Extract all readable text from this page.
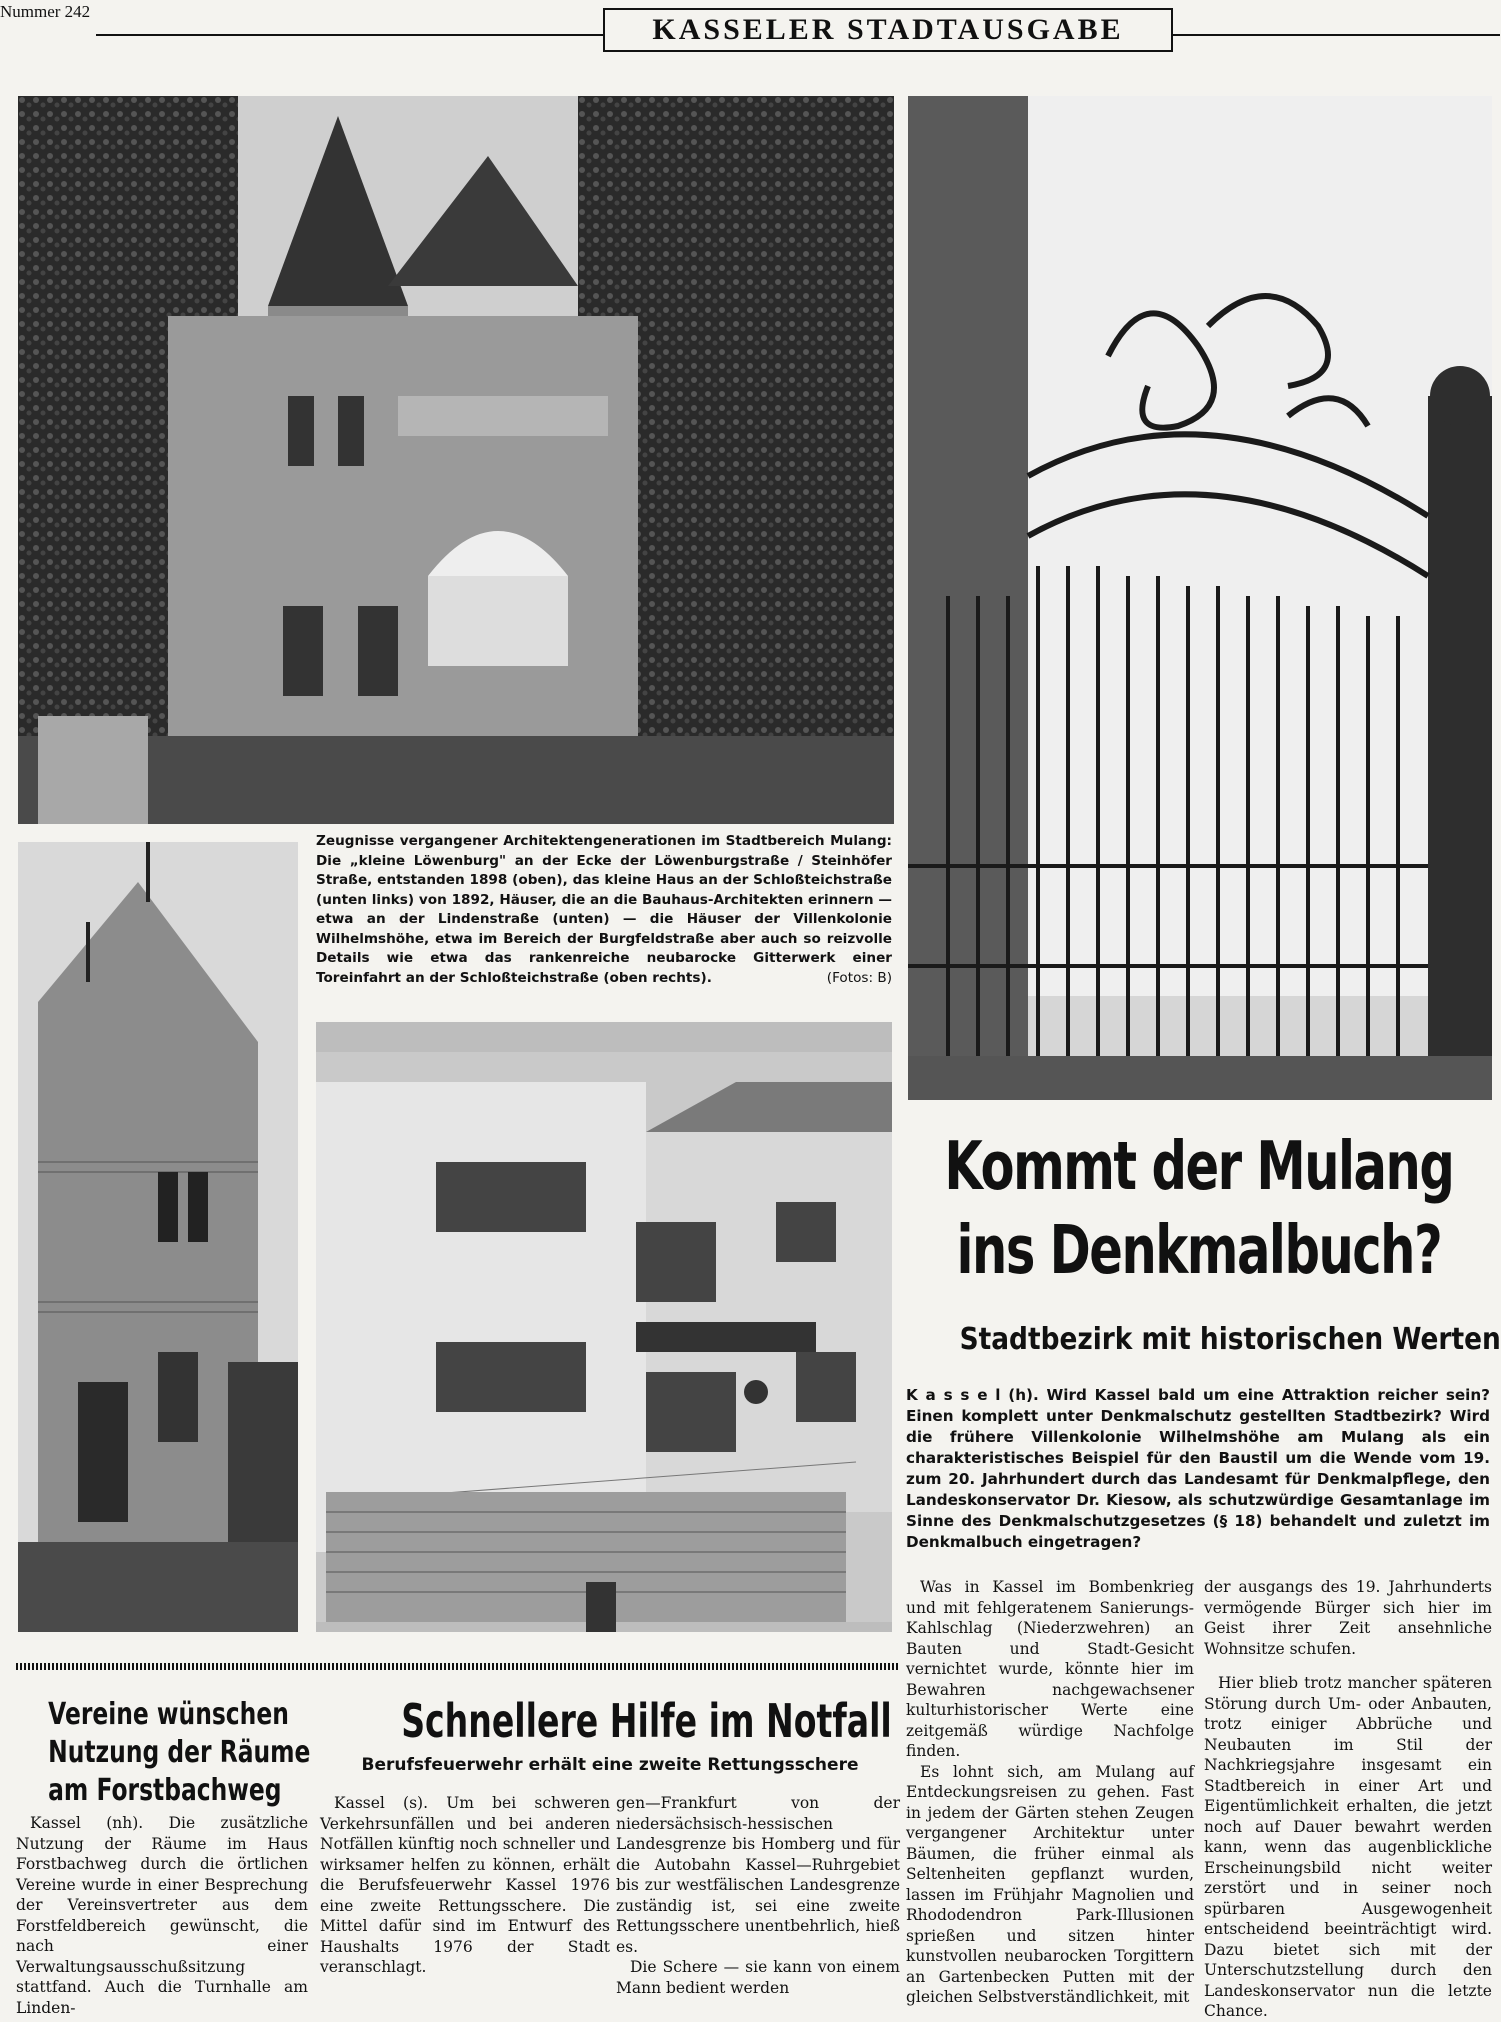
Nummer 242
KASSELER STADTAUSGABE
Zeugnisse vergangener Architektengenerationen im Stadtbereich Mulang: Die „kleine Löwenburg" an der Ecke der Löwenburgstraße / Steinhöfer Straße, entstanden 1898 (oben), das kleine Haus an der Schloßteichstraße (unten links) von 1892, Häuser, die an die Bauhaus-Architekten erinnern — etwa an der Lindenstraße (unten) — die Häuser der Villenkolonie Wilhelmshöhe, etwa im Bereich der Burgfeldstraße aber auch so reizvolle Details wie etwa das rankenreiche neubarocke Gitterwerk einer Toreinfahrt an der Schloßteichstraße (oben rechts).	(Fotos: B)
Kommt der Mulang
ins Denkmalbuch?
Stadtbezirk mit historischen Werten
K a s s e l (h). Wird Kassel bald um eine Attraktion reicher sein? Einen komplett unter Denkmalschutz gestellten Stadtbezirk? Wird die frühere Villenkolonie Wilhelmshöhe am Mulang als ein charakteristisches Beispiel für den Baustil um die Wende vom 19. zum 20. Jahrhundert durch das Landesamt für Denkmalpflege, den Landeskonservator Dr. Kiesow, als schutzwürdige Gesamtanlage im Sinne des Denkmalschutzgesetzes (§ 18) behandelt und zuletzt im Denkmalbuch eingetragen?

Was in Kassel im Bombenkrieg und mit fehlgeratenem Sanierungs-Kahlschlag (Niederzwehren) an Bauten und Stadt-Gesicht vernichtet wurde, könnte hier im Bewahren nachgewachsener kulturhistorischer Werte eine zeitgemäß würdige Nachfolge finden.

Es lohnt sich, am Mulang auf Entdeckungsreisen zu gehen. Fast in jedem der Gärten stehen Zeugen vergangener Architektur unter Bäumen, die früher einmal als Seltenheiten gepflanzt wurden, lassen im Frühjahr Magnolien und Rhododendron Park-Illusionen sprießen und sitzen hinter kunstvollen neubarocken Torgittern an Gartenbecken Putten mit der gleichen Selbstverständlichkeit, mit

der ausgangs des 19. Jahrhunderts vermögende Bürger sich hier im Geist ihrer Zeit ansehnliche Wohnsitze schufen.

Hier blieb trotz mancher späteren Störung durch Um- oder Anbauten, trotz einiger Abbrüche und Neubauten im Stil der Nachkriegsjahre insgesamt ein Stadtbereich in einer Art und Eigentümlichkeit erhalten, die jetzt noch auf Dauer bewahrt werden kann, wenn das augenblickliche Erscheinungsbild nicht weiter zerstört und in seiner noch spürbaren Ausgewogenheit entscheidend beeinträchtigt wird. Dazu bietet sich mit der Unterschutzstellung durch den Landeskonservator nun die letzte Chance.

Vereine wünschen
Nutzung der Räume
am Forstbachweg

Kassel (nh). Die zusätzliche Nutzung der Räume im Haus Forstbachweg durch die örtlichen Vereine wurde in einer Besprechung der Vereinsvertreter aus dem Forstfeldbereich gewünscht, die nach einer Verwaltungsausschußsitzung stattfand. Auch die Turnhalle am Linden-

Schnellere Hilfe im Notfall
Berufsfeuerwehr erhält eine zweite Rettungsschere

Kassel (s). Um bei schweren Verkehrsunfällen und bei anderen Notfällen künftig noch schneller und wirksamer helfen zu können, erhält die Berufsfeuerwehr Kassel 1976 eine zweite Rettungsschere. Die Mittel dafür sind im Entwurf des Haushalts 1976 der Stadt veranschlagt.

gen—Frankfurt von der niedersächsisch-hessischen Landesgrenze bis Homberg und für die Autobahn Kassel—Ruhrgebiet bis zur westfälischen Landesgrenze zuständig ist, sei eine zweite Rettungsschere unentbehrlich, hieß es.

Die Schere — sie kann von einem Mann bedient werden
